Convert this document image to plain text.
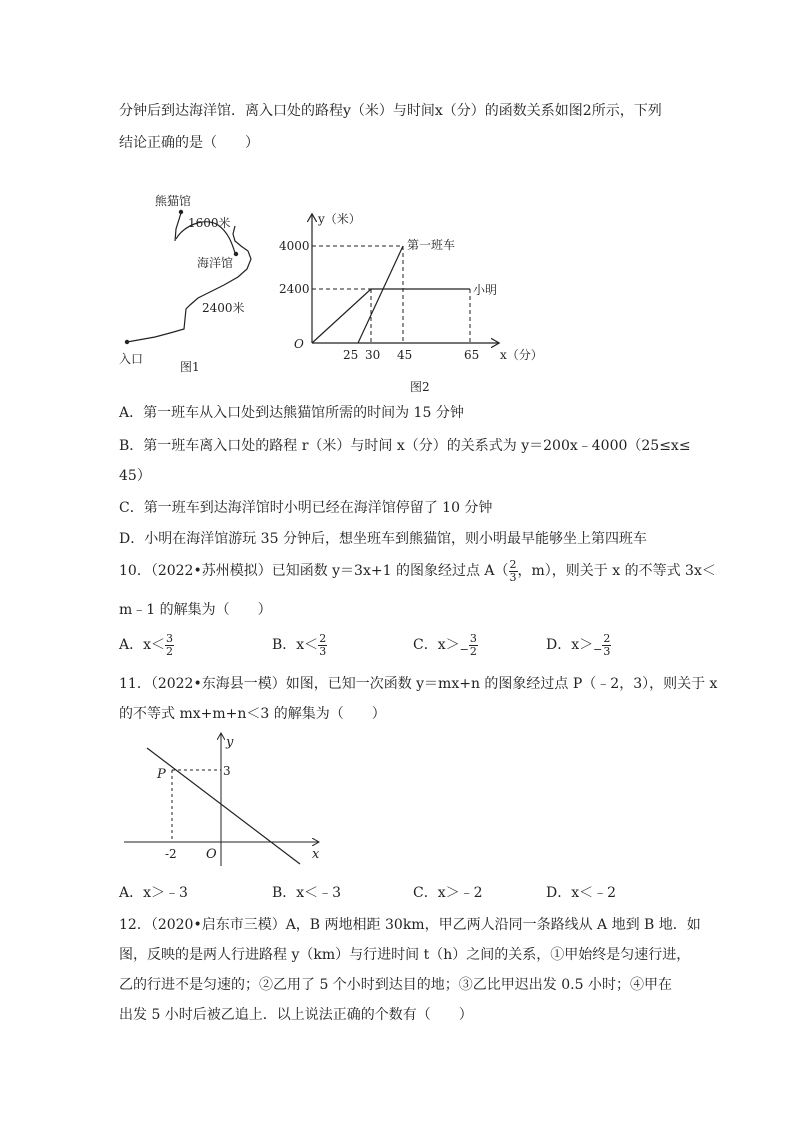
分钟后到达海洋馆．离入口处的路程y（米）与时间x（分）的函数关系如图2所示，下列
结论正确的是（　　）
熊猫馆
1600米
海洋馆
2400米
入口
图1
y（米）
x（分）
O
4000
2400
25 30 45	65
第一班车
小明
图2
A．第一班车从入口处到达熊猫馆所需的时间为 15 分钟
B．第一班车离入口处的路程 r（米）与时间 x（分）的关系式为 y＝200x﹣4000（25≤x≤
45）
C．第一班车到达海洋馆时小明已经在海洋馆停留了 10 分钟
D．小明在海洋馆游玩 35 分钟后，想坐班车到熊猫馆，则小明最早能够坐上第四班车
10．（2022•苏州模拟）已知函数 y＝3x+1 的图象经过点 $A( \frac{2}{3}$ ，m），则关于 x 的不等式 3x＜
m﹣1 的解集为（　　）
A．$x< \frac{3}{2}$	B．$x< \frac{2}{3}$	C．$x>_- \frac{3}{2}$	D．$x>_- \frac{2}{3}$
11．（2022•东海县一模）如图，已知一次函数 y＝mx+n 的图象经过点 P（﹣2，3），则关于 x
的不等式 mx+m+n＜3 的解集为（　　）
y
x
O
P	3
-2
A．x＞﹣3	B．x＜﹣3	C．x＞﹣2	D．x＜﹣2
12．（2020•启东市三模）A，B 两地相距 30km，甲乙两人沿同一条路线从 A 地到 B 地．如
图，反映的是两人行进路程 y（km）与行进时间 t（h）之间的关系，①甲始终是匀速行进，
乙的行进不是匀速的；②乙用了 5 个小时到达目的地；③乙比甲迟出发 0.5 小时；④甲在
出发 5 小时后被乙追上．以上说法正确的个数有（　　）
